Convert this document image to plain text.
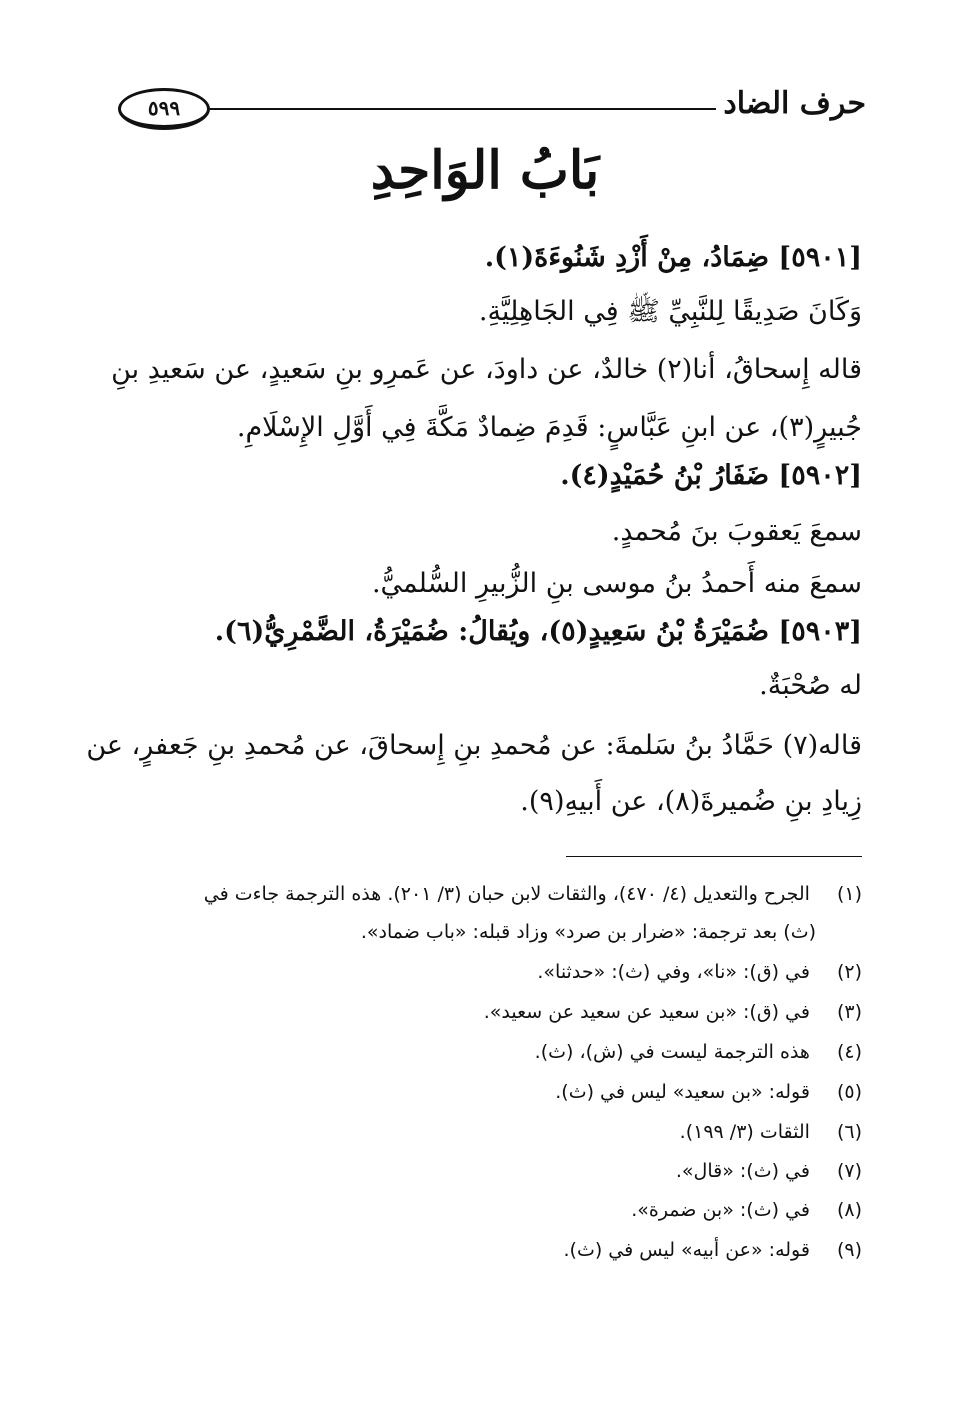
٥٩٩	حرف الضاد
بَابُ الوَاحِدِ
[٥٩٠١] ضِمَادُ، مِنْ أَزْدِ شَنُوءَةَ(١).
وَكَانَ صَدِيقًا لِلنَّبِيِّ ﷺ فِي الجَاهِلِيَّةِ.
قاله إِسحاقُ، أنا(٢) خالدٌ، عن داودَ، عن عَمرِو بنِ سَعيدٍ، عن سَعيدِ بنِ
جُبيرٍ(٣)، عن ابنِ عَبَّاسٍ: قَدِمَ ضِمادٌ مَكَّةَ فِي أَوَّلِ الإِسْلَامِ.
[٥٩٠٢] ضَفَارُ بْنُ حُمَيْدٍ(٤).
سمعَ يَعقوبَ بنَ مُحمدٍ.
سمعَ منه أَحمدُ بنُ موسى بنِ الزُّبيرِ السُّلميُّ.
[٥٩٠٣] ضُمَيْرَةُ بْنُ سَعِيدٍ(٥)، ويُقالُ: ضُمَيْرَةُ، الضَّمْرِيُّ(٦).
له صُحْبَةٌ.
قاله(٧) حَمَّادُ بنُ سَلمةَ: عن مُحمدِ بنِ إِسحاقَ، عن مُحمدِ بنِ جَعفرٍ، عن
زِيادِ بنِ ضُميرةَ(٨)، عن أَبيهِ(٩).
(١) الجرح والتعديل (٤/ ٤٧٠)، والثقات لابن حبان (٣/ ٢٠١). هذه الترجمة جاءت في
(ث) بعد ترجمة: «ضرار بن صرد» وزاد قبله: «باب ضماد».
(٢) في (ق): «نا»، وفي (ث): «حدثنا».
(٣) في (ق): «بن سعيد عن سعيد عن سعيد».
(٤) هذه الترجمة ليست في (ش)، (ث).
(٥) قوله: «بن سعيد» ليس في (ث).
(٦) الثقات (٣/ ١٩٩).
(٧) في (ث): «قال».
(٨) في (ث): «بن ضمرة».
(٩) قوله: «عن أبيه» ليس في (ث).
